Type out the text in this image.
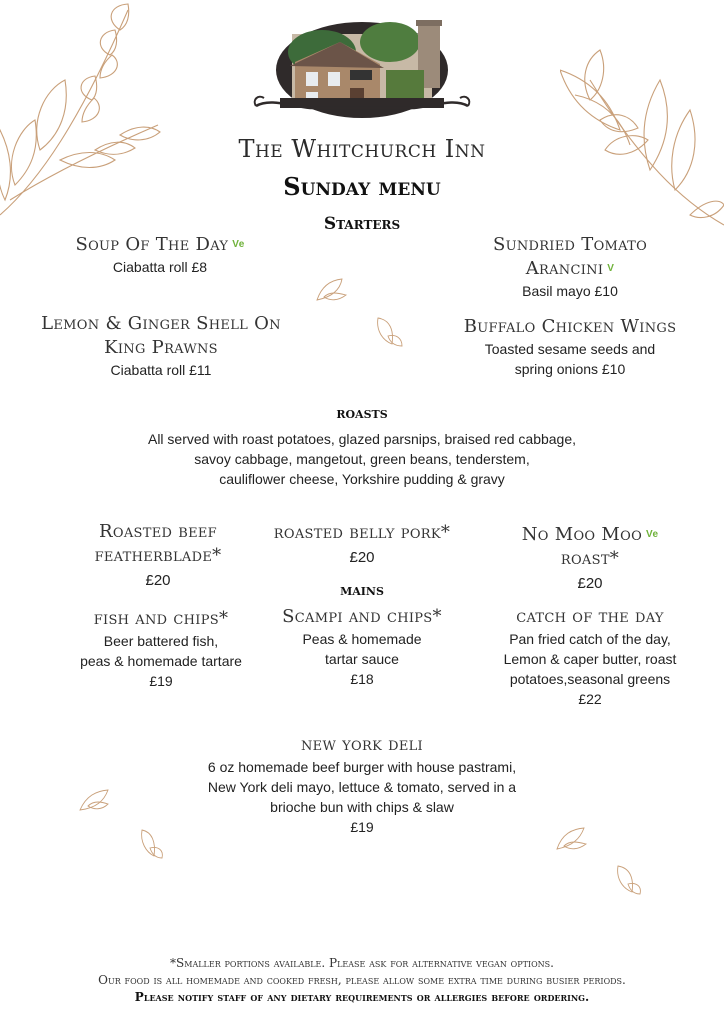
The Whitchurch Inn
Sunday menu
Starters
Soup Of The Day Ve
Ciabatta roll £8
Sundried Tomato
Arancini V
Basil mayo £10
Lemon & Ginger Shell On
King Prawns
Ciabatta roll £11
Buffalo Chicken Wings
Toasted sesame seeds and
spring onions £10
roasts
All served with roast potatoes, glazed parsnips, braised red cabbage,
savoy cabbage, mangetout, green beans, tenderstem,
cauliflower cheese, Yorkshire pudding & gravy
Roasted beef
featherblade*
£20
roasted belly pork*
£20
No Moo Moo Ve
roast*
£20
mains
fish and chips*
Beer battered fish,
peas & homemade tartare
£19
Scampi and chips*
Peas & homemade
tartar sauce
£18
catch of the day
Pan fried catch of the day,
Lemon & caper butter, roast
potatoes,seasonal greens
£22
new york deli
6 oz homemade beef burger with house pastrami,
New York deli mayo, lettuce & tomato, served in a
brioche bun with chips & slaw
£19
*Smaller portions available. Please ask for alternative vegan options.
Our food is all homemade and cooked fresh, please allow some extra time during busier periods.
Please notify staff of any dietary requirements or allergies before ordering.
